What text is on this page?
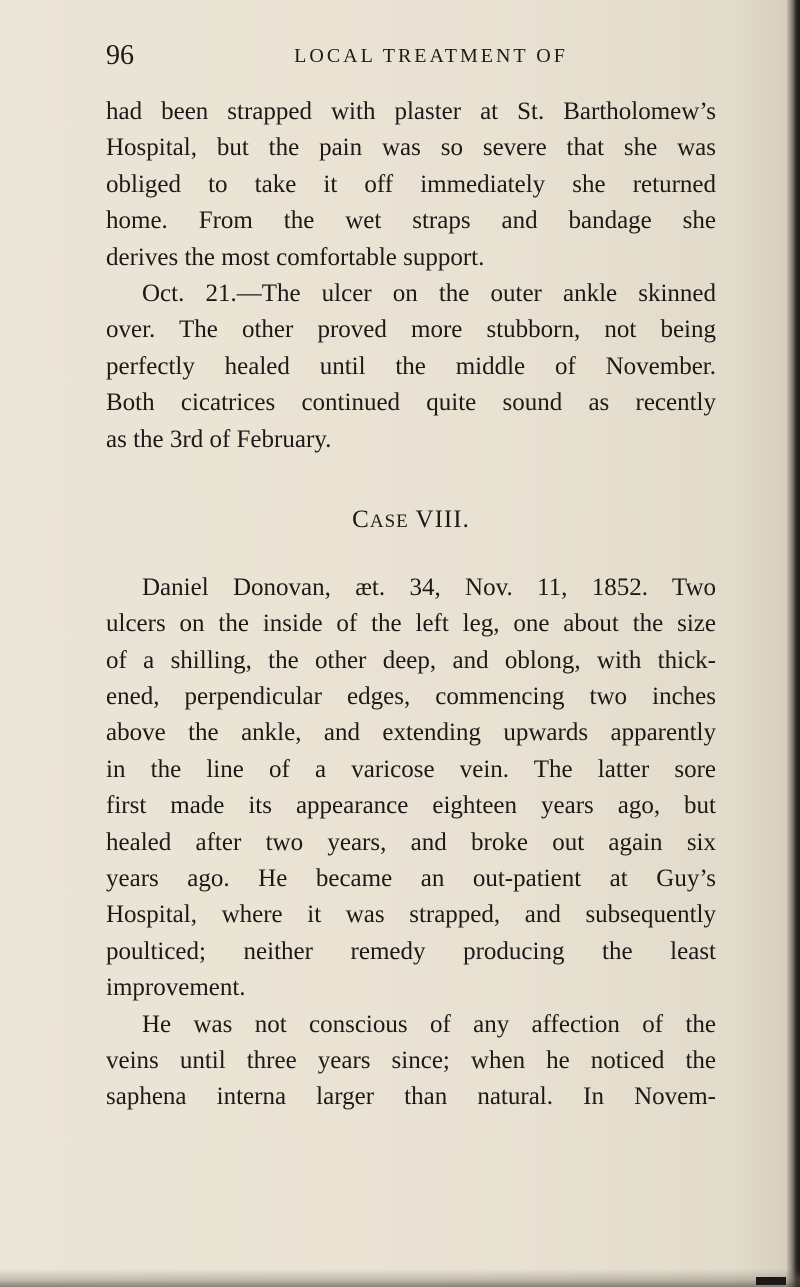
96	LOCAL TREATMENT OF
had been strapped with plaster at St. Bartholomew’s
Hospital, but the pain was so severe that she was
obliged to take it off immediately she returned
home. From the wet straps and bandage she
derives the most comfortable support.
Oct. 21.—The ulcer on the outer ankle skinned
over. The other proved more stubborn, not being
perfectly healed until the middle of November.
Both cicatrices continued quite sound as recently
as the 3rd of February.
CASE VIII.
Daniel Donovan, æt. 34, Nov. 11, 1852. Two
ulcers on the inside of the left leg, one about the size
of a shilling, the other deep, and oblong, with thick-
ened, perpendicular edges, commencing two inches
above the ankle, and extending upwards apparently
in the line of a varicose vein. The latter sore
first made its appearance eighteen years ago, but
healed after two years, and broke out again six
years ago. He became an out-patient at Guy’s
Hospital, where it was strapped, and subsequently
poulticed; neither remedy producing the least
improvement.
He was not conscious of any affection of the
veins until three years since; when he noticed the
saphena interna larger than natural. In Novem-
